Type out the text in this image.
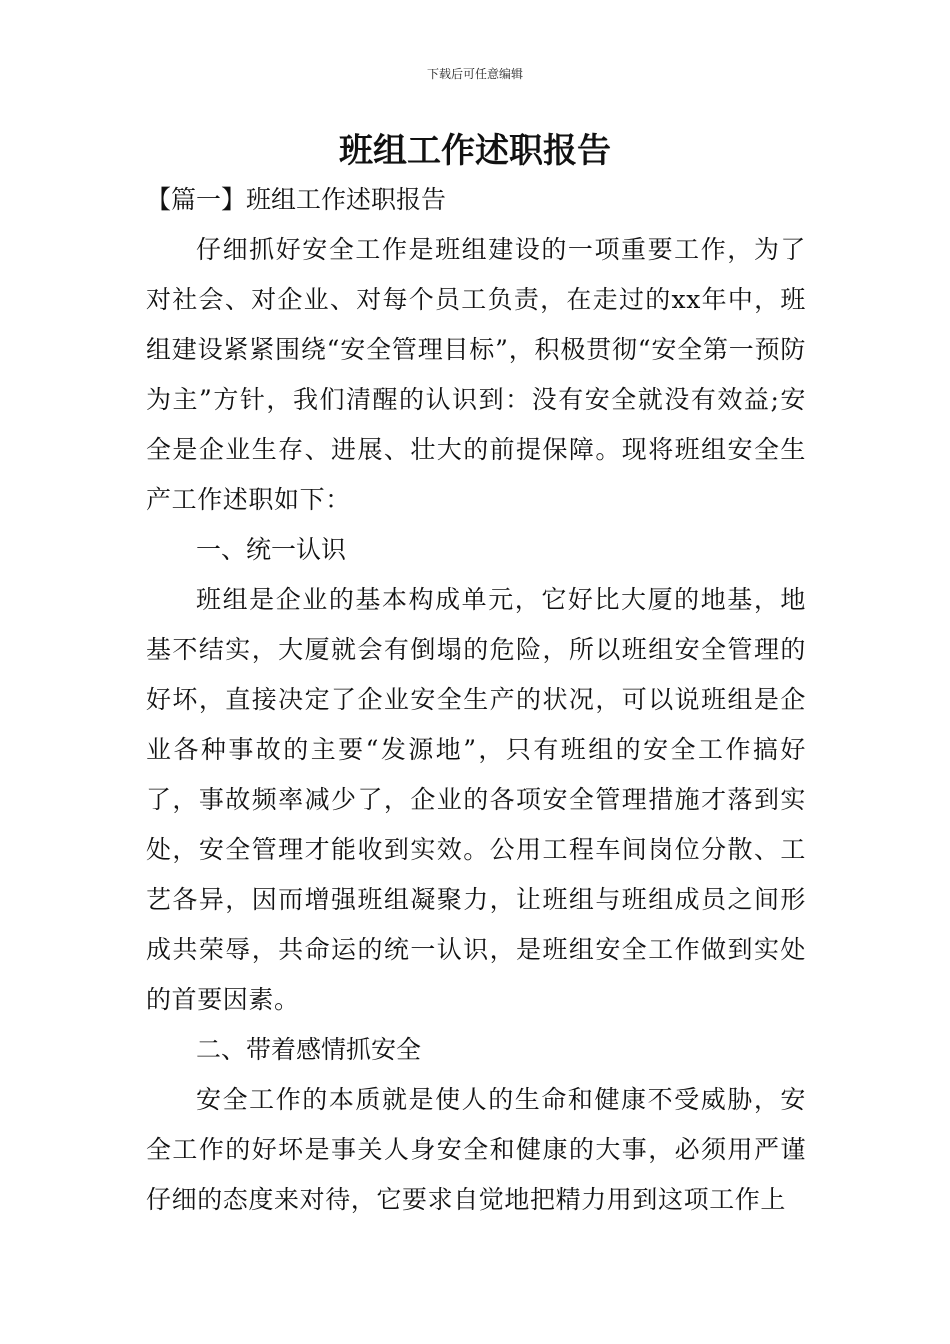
下载后可任意编辑
班组工作述职报告

【篇一】班组工作述职报告

仔细抓好安全工作是班组建设的一项重要工作，为了对社会、对企业、对每个员工负责，在走过的xx年中，班组建设紧紧围绕“安全管理目标”，积极贯彻“安全第一预防为主”方针，我们清醒的认识到：没有安全就没有效益;安全是企业生存、进展、壮大的前提保障。现将班组安全生产工作述职如下：

一、统一认识

班组是企业的基本构成单元，它好比大厦的地基，地基不结实，大厦就会有倒塌的危险，所以班组安全管理的好坏，直接决定了企业安全生产的状况，可以说班组是企业各种事故的主要“发源地”，只有班组的安全工作搞好了，事故频率减少了，企业的各项安全管理措施才落到实处，安全管理才能收到实效。公用工程车间岗位分散、工艺各异，因而增强班组凝聚力，让班组与班组成员之间形成共荣辱，共命运的统一认识，是班组安全工作做到实处的首要因素。

二、带着感情抓安全

安全工作的本质就是使人的生命和健康不受威胁，安全工作的好坏是事关人身安全和健康的大事，必须用严谨仔细的态度来对待，它要求自觉地把精力用到这项工作上
